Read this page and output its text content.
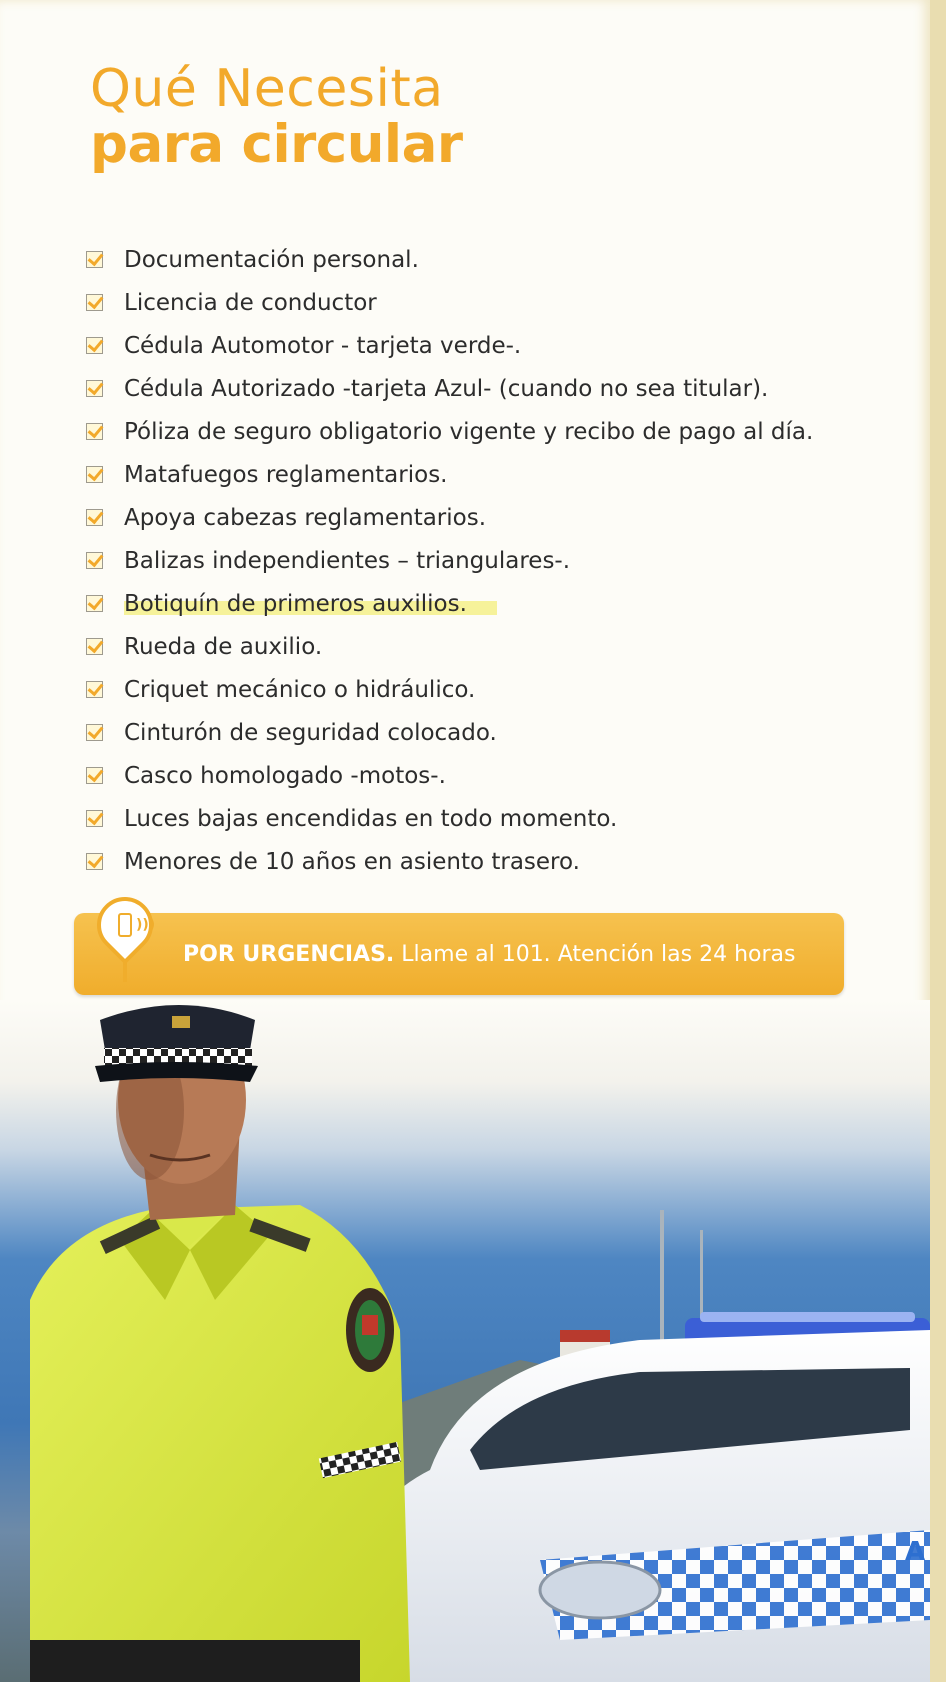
Qué Necesita
para circular
Documentación personal.
Licencia de conductor
Cédula Automotor - tarjeta verde-.
Cédula Autorizado -tarjeta Azul- (cuando no sea titular).
Póliza de seguro obligatorio vigente y recibo de pago al día.
Matafuegos reglamentarios.
Apoya cabezas reglamentarios.
Balizas independientes – triangulares-.
Botiquín de primeros auxilios.
Rueda de auxilio.
Criquet mecánico o hidráulico.
Cinturón de seguridad colocado.
Casco homologado -motos-.
Luces bajas encendidas en todo momento.
Menores de 10 años en asiento trasero.
)))
POR URGENCIAS. Llame al 101. Atención las 24 horas
A
